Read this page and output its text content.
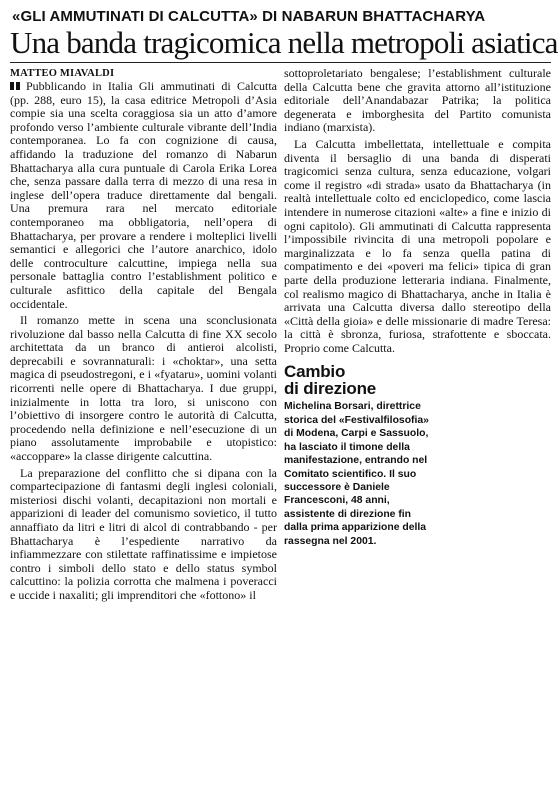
«GLI AMMUTINATI DI CALCUTTA» DI NABARUN BHATTACHARYA
Una banda tragicomica nella metropoli asiatica
MATTEO MIAVALDI

Pubblicando in Italia Gli ammutinati di Calcutta (pp. 288, euro 15), la casa editrice Metropoli d’Asia compie sia una scelta coraggiosa sia un atto d’amore profondo verso l’ambiente culturale vibrante dell’India contemporanea. Lo fa con cognizione di causa, affidando la traduzione del romanzo di Nabarun Bhattacharya alla cura puntuale di Carola Erika Lorea che, senza passare dalla terra di mezzo di una resa in inglese dell’opera traduce direttamente dal bengali. Una premura rara nel mercato editoriale contemporaneo ma obbligatoria, nell’opera di Bhattacharya, per provare a rendere i molteplici livelli semantici e allegorici che l’autore anarchico, idolo delle controculture calcuttine, impiega nella sua personale battaglia contro l’establishment politico e culturale asfittico della capitale del Bengala occidentale.

Il romanzo mette in scena una sconclusionata rivoluzione dal basso nella Calcutta di fine XX secolo architettata da un branco di antieroi alcolisti, deprecabili e sovrannaturali: i «choktar», una setta magica di pseudostregoni, e i «fyataru», uomini volanti ricorrenti nelle opere di Bhattacharya. I due gruppi, inizialmente in lotta tra loro, si uniscono con l’obiettivo di insorgere contro le autorità di Calcutta, procedendo nella definizione e nell’esecuzione di un piano assolutamente improbabile e utopistico: «accoppare» la classe dirigente calcuttina.

La preparazione del conflitto che si dipana con la compartecipazione di fantasmi degli inglesi coloniali, misteriosi dischi volanti, decapitazioni non mortali e apparizioni di leader del comunismo sovietico, il tutto annaffiato da litri e litri di alcol di contrabbando - per Bhattacharya è l’espediente narrativo da infiammezzare con stilettate raffinatissime e impietose contro i simboli dello stato e dello status symbol calcuttino: la polizia corrotta che malmena i poveracci e uccide i naxaliti; gli imprenditori che «fottono» il

sottoproletariato bengalese; l’establishment culturale della Calcutta bene che gravita attorno all’istituzione editoriale dell’Anandabazar Patrika; la politica degenerata e imborghesita del Partito comunista indiano (marxista).

La Calcutta imbellettata, intellettuale e compita diventa il bersaglio di una banda di disperati tragicomici senza cultura, senza educazione, volgari come il registro «di strada» usato da Bhattacharya (in realtà intellettuale colto ed enciclopedico, come lascia intendere in numerose citazioni «alte» a fine e inizio di ogni capitolo). Gli ammutinati di Calcutta rappresenta l’impossibile rivincita di una metropoli popolare e marginalizzata e lo fa senza quella patina di compatimento e dei «poveri ma felici» tipica di gran parte della produzione letteraria indiana. Finalmente, col realismo magico di Bhattacharya, anche in Italia è arrivata una Calcutta diversa dallo stereotipo della «Città della gioia» e delle missionarie di madre Teresa: la città è sbronza, furiosa, strafottente e sboccata. Proprio come Calcutta.

Cambio
di direzione

Michelina Borsari, direttrice storica del «Festivalfilosofia» di Modena, Carpi e Sassuolo, ha lasciato il timone della manifestazione, entrando nel Comitato scientifico. Il suo successore è Daniele Francesconi, 48 anni, assistente di direzione fin dalla prima apparizione della rassegna nel 2001.
